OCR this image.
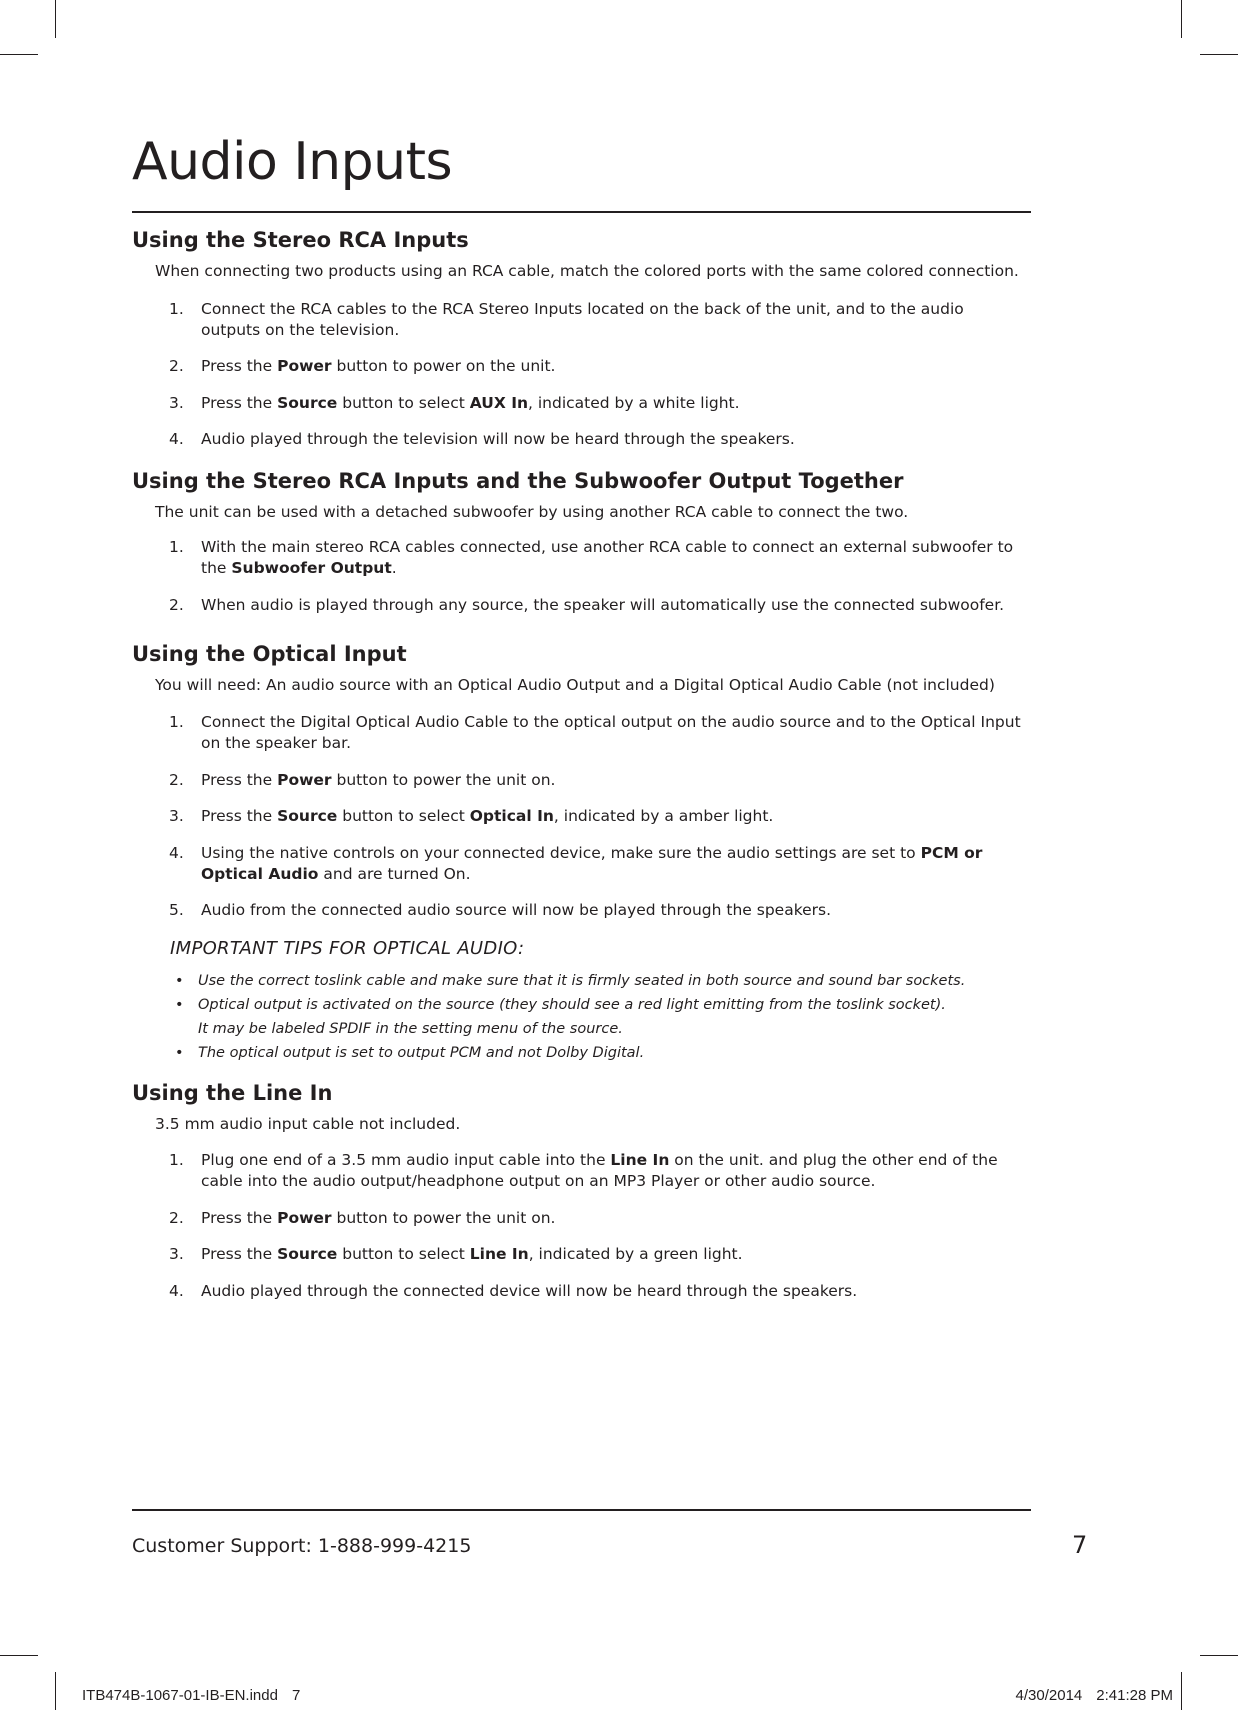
Audio Inputs
Using the Stereo RCA Inputs

When connecting two products using an RCA cable, match the colored ports with the same colored connection.

1. Connect the RCA cables to the RCA Stereo Inputs located on the back of the unit, and to the audio outputs on the television.
2. Press the Power button to power on the unit.
3. Press the Source button to select AUX In, indicated by a white light.
4. Audio played through the television will now be heard through the speakers.
Using the Stereo RCA Inputs and the Subwoofer Output Together

The unit can be used with a detached subwoofer by using another RCA cable to connect the two.

1. With the main stereo RCA cables connected, use another RCA cable to connect an external subwoofer to the Subwoofer Output.
2. When audio is played through any source, the speaker will automatically use the connected subwoofer.
Using the Optical Input

You will need: An audio source with an Optical Audio Output and a Digital Optical Audio Cable (not included)

1. Connect the Digital Optical Audio Cable to the optical output on the audio source and to the Optical Input on the speaker bar.
2. Press the Power button to power the unit on.
3. Press the Source button to select Optical In, indicated by a amber light.
4. Using the native controls on your connected device, make sure the audio settings are set to PCM or Optical Audio and are turned On.
5. Audio from the connected audio source will now be played through the speakers.

IMPORTANT TIPS FOR OPTICAL AUDIO:

• Use the correct toslink cable and make sure that it is firmly seated in both source and sound bar sockets.
• Optical output is activated on the source (they should see a red light emitting from the toslink socket).
It may be labeled SPDIF in the setting menu of the source.
• The optical output is set to output PCM and not Dolby Digital.
Using the Line In

3.5 mm audio input cable not included.

1. Plug one end of a 3.5 mm audio input cable into the Line In on the unit. and plug the other end of the cable into the audio output/headphone output on an MP3 Player or other audio source.
2. Press the Power button to power the unit on.
3. Press the Source button to select Line In, indicated by a green light.
4. Audio played through the connected device will now be heard through the speakers.

Customer Support: 1-888-999-4215	7

ITB474B-1067-01-IB-EN.indd 7	4/30/2014 2:41:28 PM
